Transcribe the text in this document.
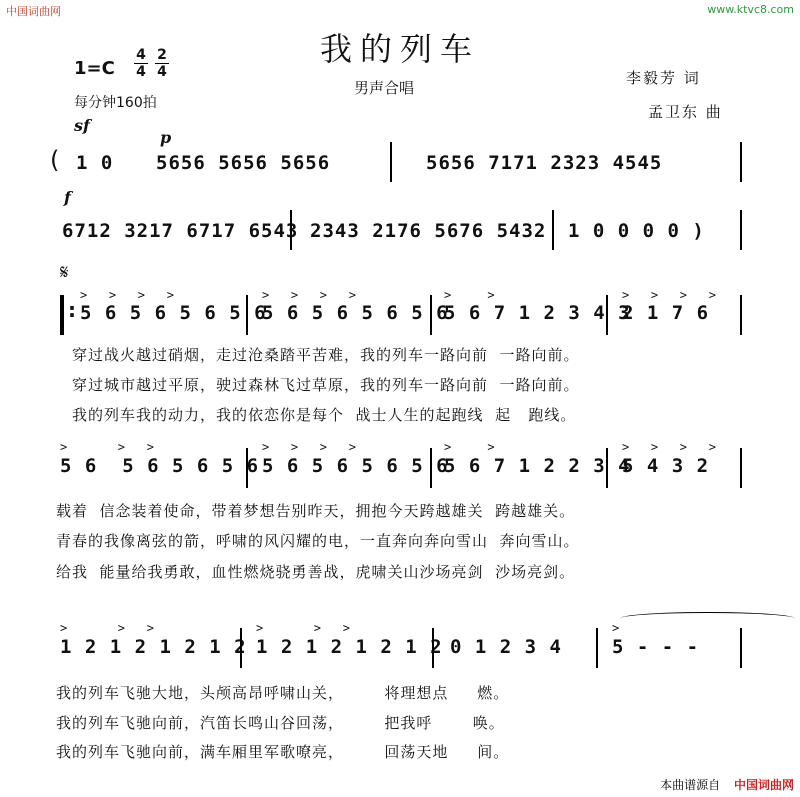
中国词曲网	www.ktvc8.com
我的列车
男声合唱
李毅芳 词
孟卫东 曲
1=C
4
4
2
4
每分钟160拍
sf
p
f
𝄋
( 1 0 5656 5656 5656	5656 7171 2323 4545
6712 3217 6717 6543 2343 2176 5676 5432 1 0 0 0 0 )
:
>   >   >   >
5 6 5 6 5 6 5 6
>   >   >   >
5 6 5 6 5 6 5 6
>     >
5 6 7 1 2 3 4 3
>   >   >   >
2 1 7 6
穿过战火越过硝烟，走过沧桑踏平苦难，我的列车一路向前  一路向前。
穿过城市越过平原，驶过森林飞过草原，我的列车一路向前  一路向前。
我的列车我的动力，我的依恋你是每个  战士人生的起跑线  起   跑线。
>       >   >
5 6  5 6 5 6 5 6
>   >   >   >
5 6 5 6 5 6 5 6
>     >
5 6 7 1 2 2 3 4
>   >   >   >
5 4 3 2
载着  信念装着使命，带着梦想告别昨天，拥抱今天跨越雄关  跨越雄关。
青春的我像离弦的箭，呼啸的风闪耀的电，一直奔向奔向雪山  奔向雪山。
给我  能量给我勇敢，血性燃烧骁勇善战，虎啸关山沙场亮剑  沙场亮剑。
>       >   >
1 2 1 2 1 2 1 2
>       >   >
1 2 1 2 1 2 1 2 0 1 2 3 4
>
5 - - -
我的列车飞驰大地，头颅高昂呼啸山关，       将理想点     燃。
我的列车飞驰向前，汽笛长鸣山谷回荡，       把我呼       唤。
我的列车飞驰向前，满车厢里军歌嘹亮，       回荡天地     间。
本曲谱源自 中国词曲网
